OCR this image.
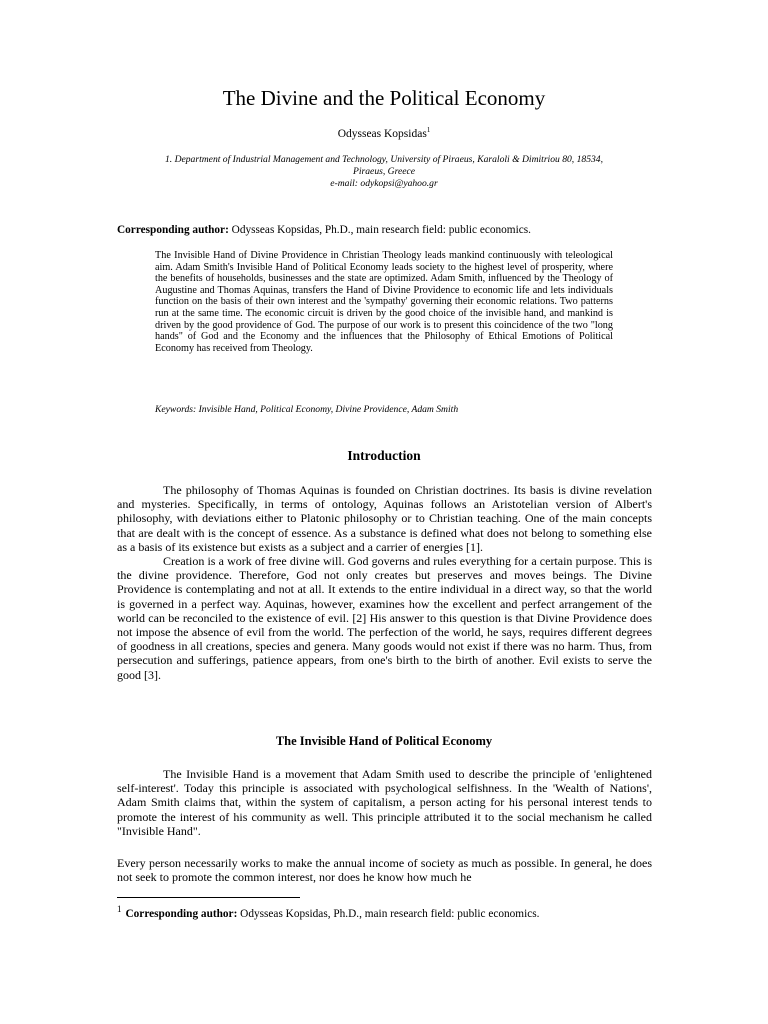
The Divine and the Political Economy
Odysseas Kopsidas$^1$
1. Department of Industrial Management and Technology, University of Piraeus, Karaloli & Dimitriou 80, 18534,
Piraeus, Greece
e-mail: odykopsi@yahoo.gr
Corresponding author: Odysseas Kopsidas, Ph.D., main research field: public economics.
The Invisible Hand of Divine Providence in Christian Theology leads mankind continuously with teleological aim. Adam Smith's Invisible Hand of Political Economy leads society to the highest level of prosperity, where the benefits of households, businesses and the state are optimized. Adam Smith, influenced by the Theology of Augustine and Thomas Aquinas, transfers the Hand of Divine Providence to economic life and lets individuals function on the basis of their own interest and the 'sympathy' governing their economic relations. Two patterns run at the same time. The economic circuit is driven by the good choice of the invisible hand, and mankind is driven by the good providence of God. The purpose of our work is to present this coincidence of the two "long hands" of God and the Economy and the influences that the Philosophy of Ethical Emotions of Political Economy has received from Theology.
Keywords: Invisible Hand, Political Economy, Divine Providence, Adam Smith
Introduction

The philosophy of Thomas Aquinas is founded on Christian doctrines. Its basis is divine revelation and mysteries. Specifically, in terms of ontology, Aquinas follows an Aristotelian version of Albert's philosophy, with deviations either to Platonic philosophy or to Christian teaching. One of the main concepts that are dealt with is the concept of essence. As a substance is defined what does not belong to something else as a basis of its existence but exists as a subject and a carrier of energies [1].

Creation is a work of free divine will. God governs and rules everything for a certain purpose. This is the divine providence. Therefore, God not only creates but preserves and moves beings. The Divine Providence is contemplating and not at all. It extends to the entire individual in a direct way, so that the world is governed in a perfect way. Aquinas, however, examines how the excellent and perfect arrangement of the world can be reconciled to the existence of evil. [2] His answer to this question is that Divine Providence does not impose the absence of evil from the world. The perfection of the world, he says, requires different degrees of goodness in all creations, species and genera. Many goods would not exist if there was no harm. Thus, from persecution and sufferings, patience appears, from one's birth to the birth of another. Evil exists to serve the good [3].

The Invisible Hand of Political Economy

The Invisible Hand is a movement that Adam Smith used to describe the principle of 'enlightened self-interest'. Today this principle is associated with psychological selfishness. In the 'Wealth of Nations', Adam Smith claims that, within the system of capitalism, a person acting for his personal interest tends to promote the interest of his community as well. This principle attributed it to the social mechanism he called "Invisible Hand".

Every person necessarily works to make the annual income of society as much as possible. In general, he does not seek to promote the common interest, nor does he know how much he

$^1$ Corresponding author: Odysseas Kopsidas, Ph.D., main research field: public economics.
